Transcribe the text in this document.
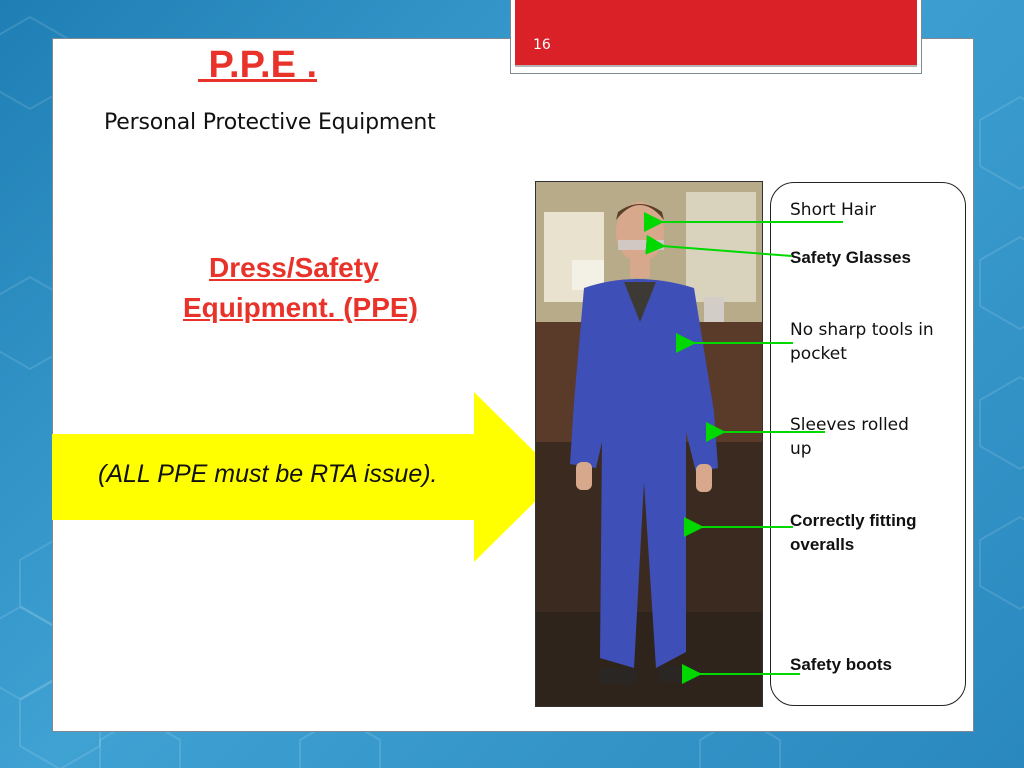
16
P.P.E .
Personal Protective Equipment
Dress/Safety
Equipment. (PPE)
(ALL PPE must be RTA issue).
Short Hair
Safety Glasses
No sharp tools in pocket
Sleeves rolled up
Correctly fitting overalls
Safety boots
